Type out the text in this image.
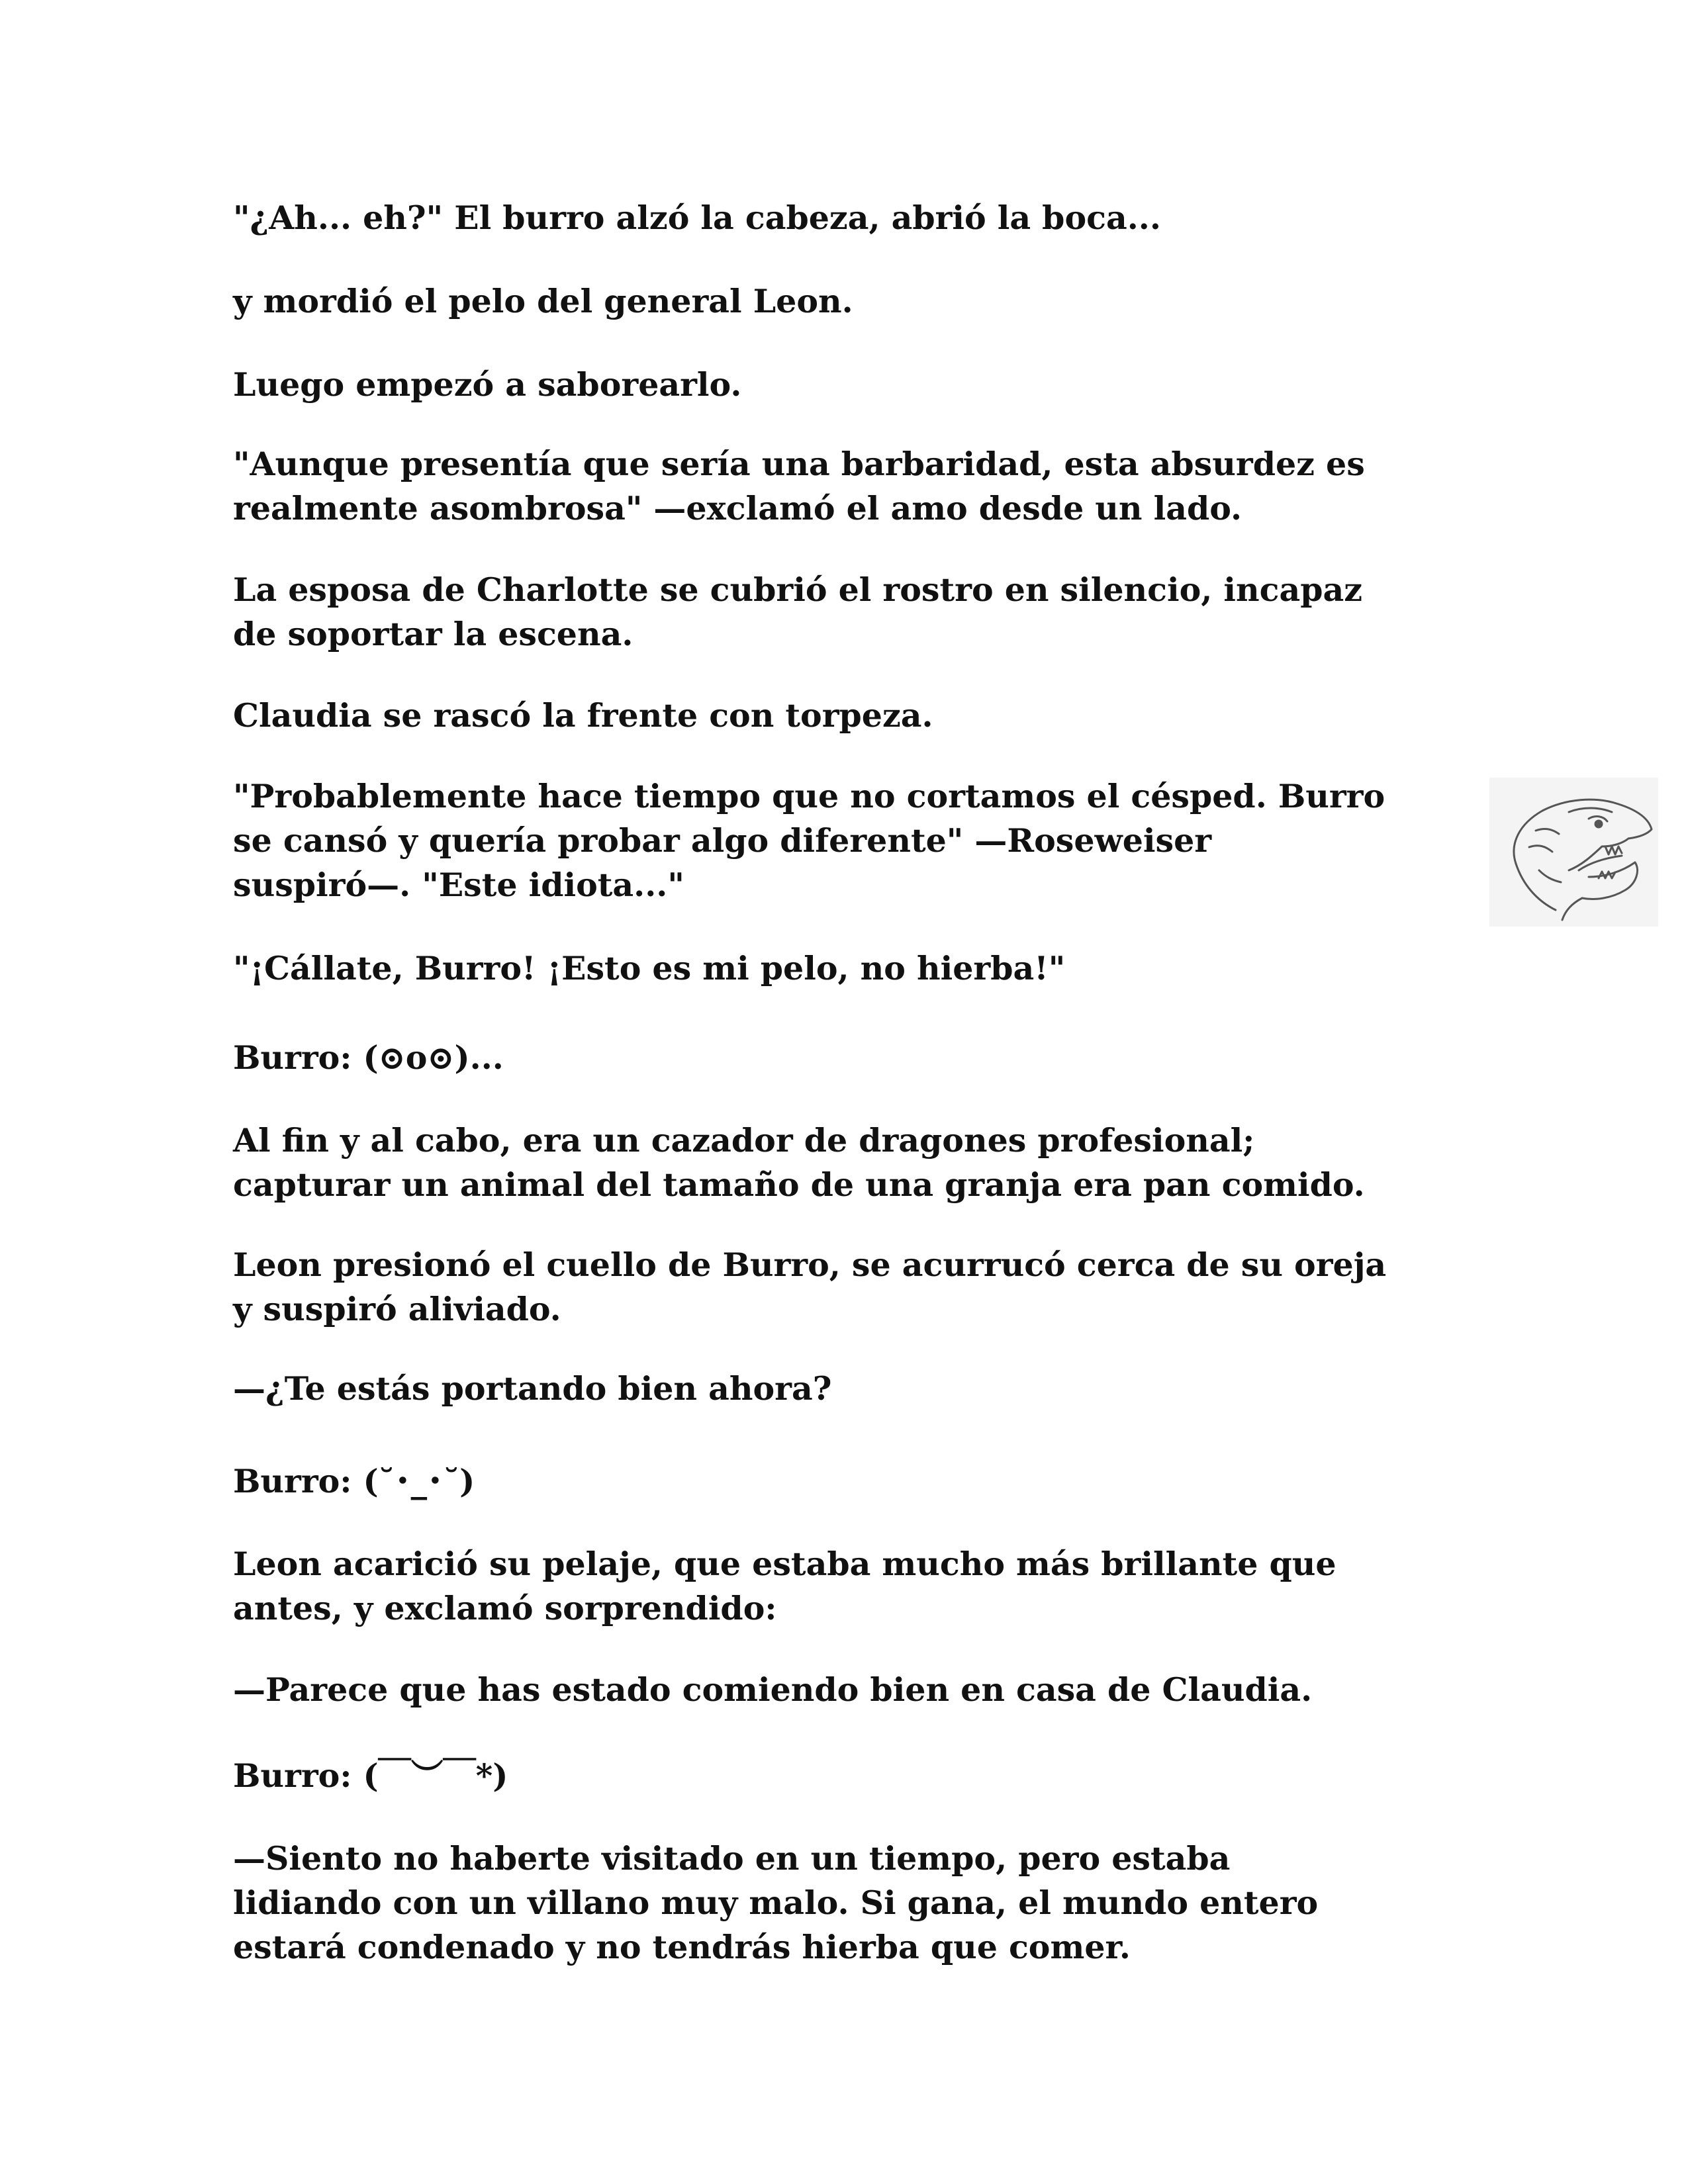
"¿Ah... eh?" El burro alzó la cabeza, abrió la boca...

y mordió el pelo del general Leon.

Luego empezó a saborearlo.

"Aunque presentía que sería una barbaridad, esta absurdez es
realmente asombrosa" —exclamó el amo desde un lado.

La esposa de Charlotte se cubrió el rostro en silencio, incapaz
de soportar la escena.

Claudia se rascó la frente con torpeza.

"Probablemente hace tiempo que no cortamos el césped. Burro
se cansó y quería probar algo diferente" —Roseweiser
suspiró—. "Este idiota..."

"¡Cállate, Burro! ¡Esto es mi pelo, no hierba!"

Burro: (⊙o⊙)...

Al fin y al cabo, era un cazador de dragones profesional;
capturar un animal del tamaño de una granja era pan comido.

Leon presionó el cuello de Burro, se acurrucó cerca de su oreja
y suspiró aliviado.

—¿Te estás portando bien ahora?

Burro: (˘･_･˘)

Leon acarició su pelaje, que estaba mucho más brillante que
antes, y exclamó sorprendido:

—Parece que has estado comiendo bien en casa de Claudia.

Burro: (￣︶￣*)

—Siento no haberte visitado en un tiempo, pero estaba
lidiando con un villano muy malo. Si gana, el mundo entero
estará condenado y no tendrás hierba que comer.
